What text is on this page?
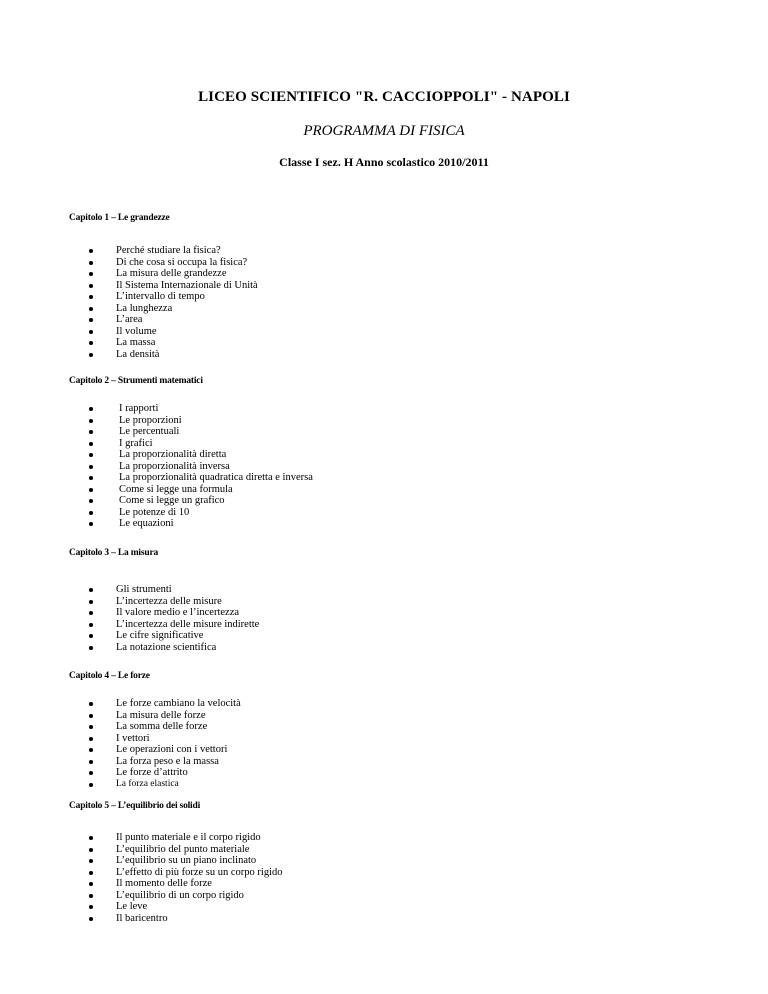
LICEO SCIENTIFICO "R. CACCIOPPOLI" - NAPOLI
PROGRAMMA DI FISICA
Classe I sez. H Anno scolastico 2010/2011
Capitolo 1 – Le grandezze
Perché studiare la fisica?
Di che cosa si occupa la fisica?
La misura delle grandezze
Il Sistema Internazionale di Unità
L’intervallo di tempo
La lunghezza
L’area
Il volume
La massa
La densità
Capitolo 2 – Strumenti matematici
I rapporti
Le proporzioni
Le percentuali
I grafici
La proporzionalità diretta
La proporzionalità inversa
La proporzionalità quadratica diretta e inversa
Come si legge una formula
Come si legge un grafico
Le potenze di 10
Le equazioni
Capitolo 3 – La misura
Gli strumenti
L’incertezza delle misure
Il valore medio e l’incertezza
L’incertezza delle misure indirette
Le cifre significative
La notazione scientifica
Capitolo 4 – Le forze
Le forze cambiano la velocità
La misura delle forze
La somma delle forze
I vettori
Le operazioni con i vettori
La forza peso e la massa
Le forze d’attrito
La forza elastica
Capitolo 5 – L’equilibrio dei solidi
Il punto materiale e il corpo rigido
L’equilibrio del punto materiale
L’equilibrio su un piano inclinato
L’effetto di più forze su un corpo rigido
Il momento delle forze
L’equilibrio di un corpo rigido
Le leve
Il baricentro
